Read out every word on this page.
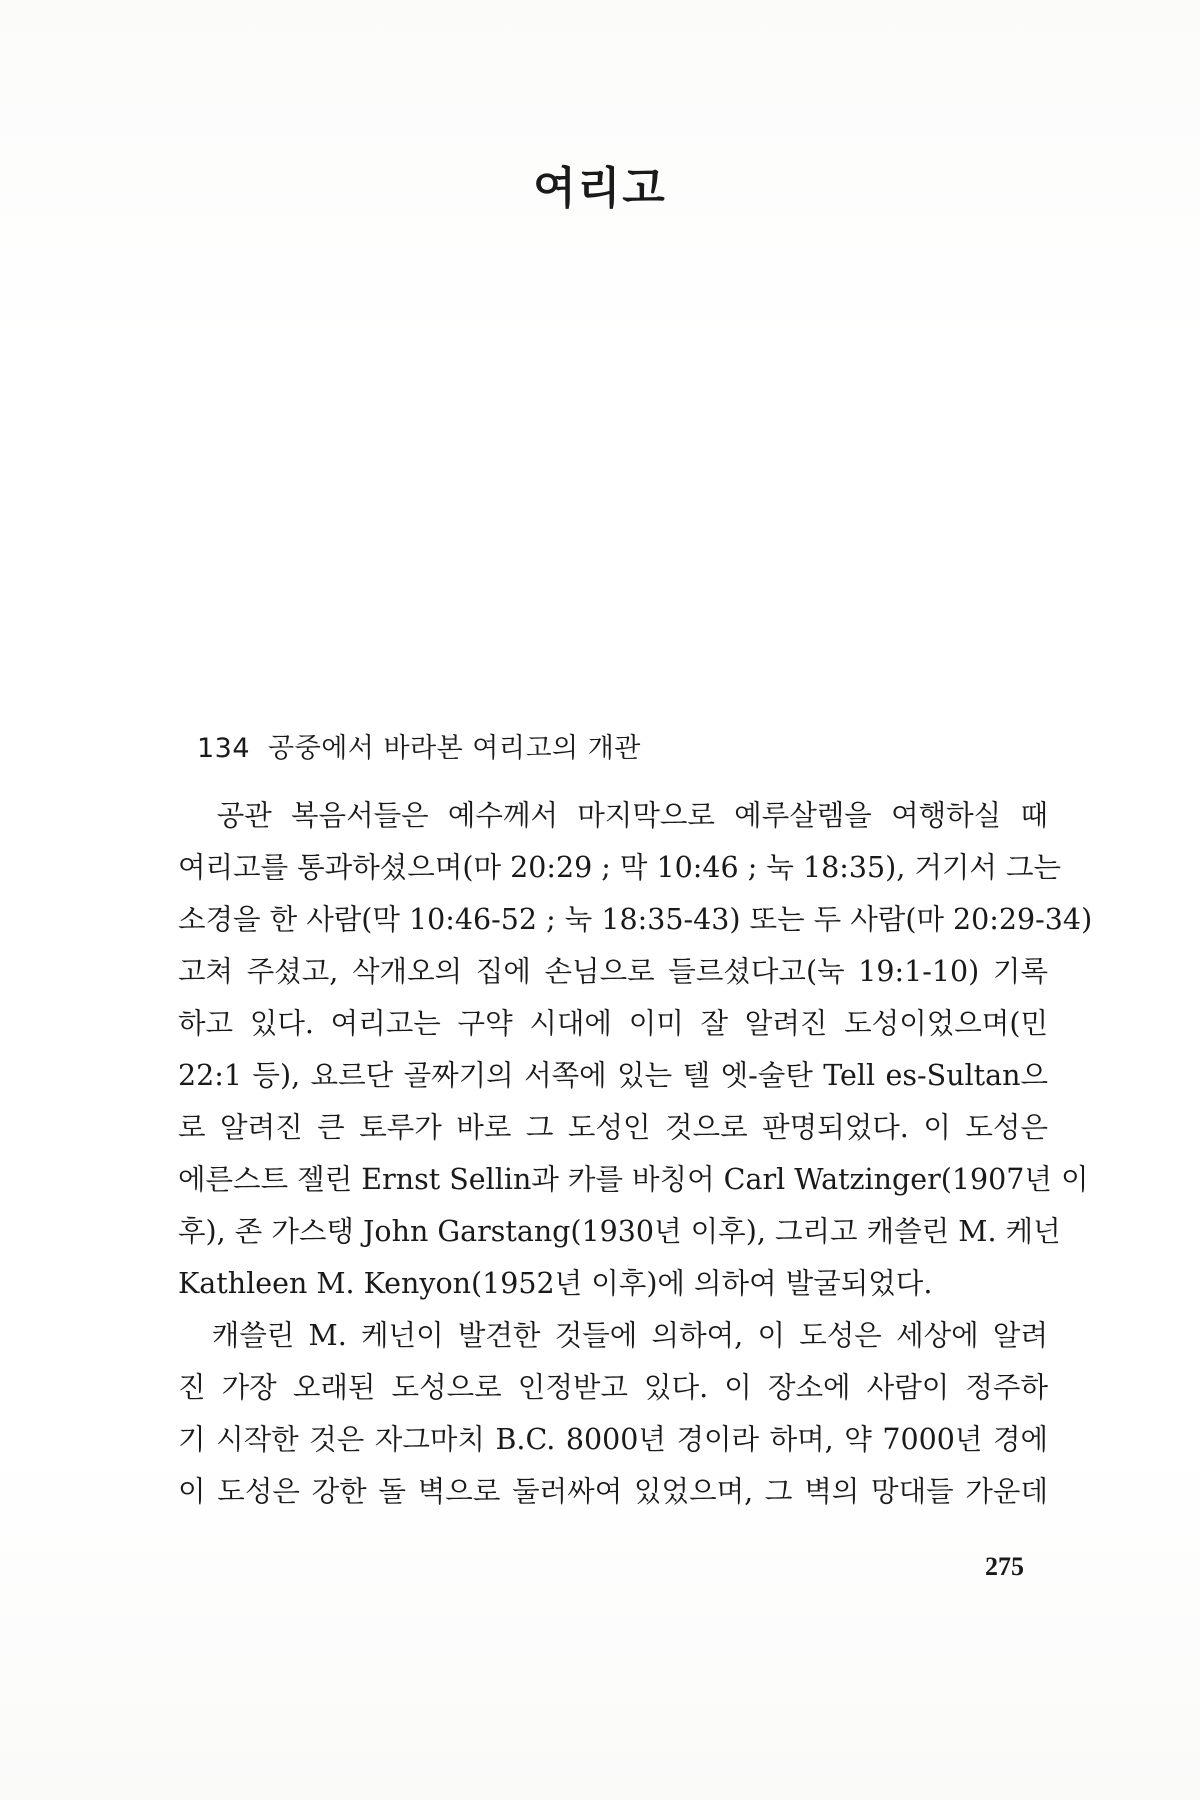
여리고
134 공중에서 바라본 여리고의 개관
　공관 복음서들은 예수께서 마지막으로 예루살렘을 여행하실 때
여리고를 통과하셨으며(마 20:29 ; 막 10:46 ; 눅 18:35), 거기서 그는
소경을 한 사람(막 10:46-52 ; 눅 18:35-43) 또는 두 사람(마 20:29-34)
고쳐 주셨고, 삭개오의 집에 손님으로 들르셨다고(눅 19:1-10) 기록
하고 있다. 여리고는 구약 시대에 이미 잘 알려진 도성이었으며(민
22:1 등), 요르단 골짜기의 서쪽에 있는 텔 엣-술탄 Tell es-Sultan으
로 알려진 큰 토루가 바로 그 도성인 것으로 판명되었다. 이 도성은
에른스트 젤린 Ernst Sellin과 카를 바칭어 Carl Watzinger(1907년 이
후), 존 가스탱 John Garstang(1930년 이후), 그리고 캐쓸린 M. 케넌
Kathleen M. Kenyon(1952년 이후)에 의하여 발굴되었다.
　캐쓸린 M. 케넌이 발견한 것들에 의하여, 이 도성은 세상에 알려
진 가장 오래된 도성으로 인정받고 있다. 이 장소에 사람이 정주하
기 시작한 것은 자그마치 B.C. 8000년 경이라 하며, 약 7000년 경에
이 도성은 강한 돌 벽으로 둘러싸여 있었으며, 그 벽의 망대들 가운데
275
